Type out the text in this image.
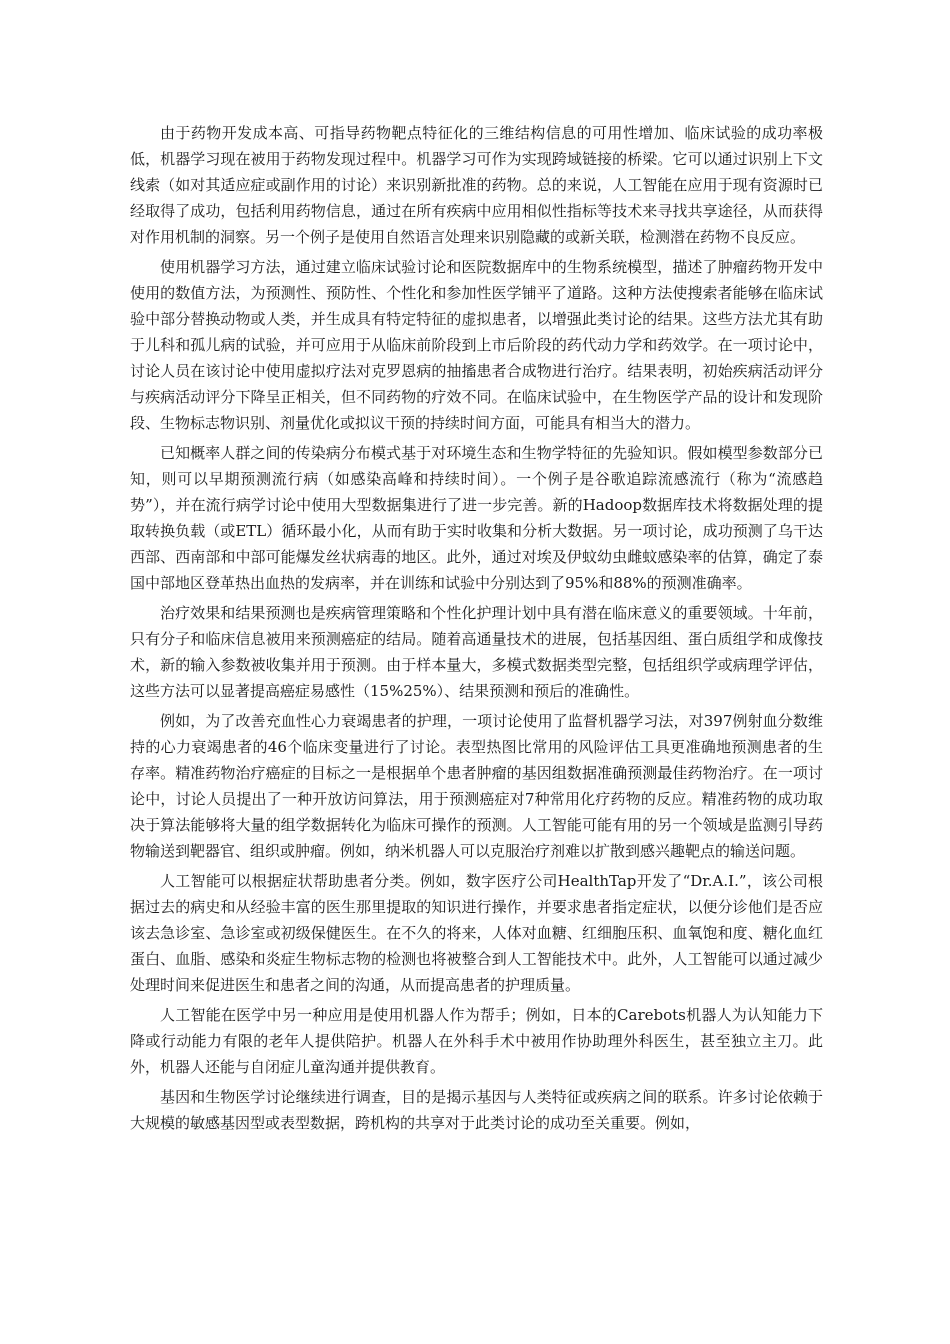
由于药物开发成本高、可指导药物靶点特征化的三维结构信息的可用性增加、临床试验的成功率极低，机器学习现在被用于药物发现过程中。机器学习可作为实现跨域链接的桥梁。它可以通过识别上下文线索（如对其适应症或副作用的讨论）来识别新批准的药物。总的来说，人工智能在应用于现有资源时已经取得了成功，包括利用药物信息，通过在所有疾病中应用相似性指标等技术来寻找共享途径，从而获得对作用机制的洞察。另一个例子是使用自然语言处理来识别隐藏的或新关联，检测潜在药物不良反应。

使用机器学习方法，通过建立临床试验讨论和医院数据库中的生物系统模型，描述了肿瘤药物开发中使用的数值方法，为预测性、预防性、个性化和参加性医学铺平了道路。这种方法使搜索者能够在临床试验中部分替换动物或人类，并生成具有特定特征的虚拟患者，以增强此类讨论的结果。这些方法尤其有助于儿科和孤儿病的试验，并可应用于从临床前阶段到上市后阶段的药代动力学和药效学。在一项讨论中，讨论人员在该讨论中使用虚拟疗法对克罗恩病的抽搐患者合成物进行治疗。结果表明，初始疾病活动评分与疾病活动评分下降呈正相关，但不同药物的疗效不同。在临床试验中，在生物医学产品的设计和发现阶段、生物标志物识别、剂量优化或拟议干预的持续时间方面，可能具有相当大的潜力。

已知概率人群之间的传染病分布模式基于对环境生态和生物学特征的先验知识。假如模型参数部分已知，则可以早期预测流行病（如感染高峰和持续时间）。一个例子是谷歌追踪流感流行（称为“流感趋势”），并在流行病学讨论中使用大型数据集进行了进一步完善。新的Hadoop数据库技术将数据处理的提取转换负载（或ETL）循环最小化，从而有助于实时收集和分析大数据。另一项讨论，成功预测了乌干达西部、西南部和中部可能爆发丝状病毒的地区。此外，通过对埃及伊蚊幼虫雌蚊感染率的估算，确定了泰国中部地区登革热出血热的发病率，并在训练和试验中分别达到了95%和88%的预测准确率。

治疗效果和结果预测也是疾病管理策略和个性化护理计划中具有潜在临床意义的重要领域。十年前，只有分子和临床信息被用来预测癌症的结局。随着高通量技术的进展，包括基因组、蛋白质组学和成像技术，新的输入参数被收集并用于预测。由于样本量大，多模式数据类型完整，包括组织学或病理学评估，这些方法可以显著提高癌症易感性（15%25%）、结果预测和预后的准确性。

例如，为了改善充血性心力衰竭患者的护理，一项讨论使用了监督机器学习法，对397例射血分数维持的心力衰竭患者的46个临床变量进行了讨论。表型热图比常用的风险评估工具更准确地预测患者的生存率。精准药物治疗癌症的目标之一是根据单个患者肿瘤的基因组数据准确预测最佳药物治疗。在一项讨论中，讨论人员提出了一种开放访问算法，用于预测癌症对7种常用化疗药物的反应。精准药物的成功取决于算法能够将大量的组学数据转化为临床可操作的预测。人工智能可能有用的另一个领域是监测引导药物输送到靶器官、组织或肿瘤。例如，纳米机器人可以克服治疗剂难以扩散到感兴趣靶点的输送问题。

人工智能可以根据症状帮助患者分类。例如，数字医疗公司HealthTap开发了“Dr.A.I.”，该公司根据过去的病史和从经验丰富的医生那里提取的知识进行操作，并要求患者指定症状，以便分诊他们是否应该去急诊室、急诊室或初级保健医生。在不久的将来，人体对血糖、红细胞压积、血氧饱和度、糖化血红蛋白、血脂、感染和炎症生物标志物的检测也将被整合到人工智能技术中。此外，人工智能可以通过减少处理时间来促进医生和患者之间的沟通，从而提高患者的护理质量。

人工智能在医学中另一种应用是使用机器人作为帮手；例如，日本的Carebots机器人为认知能力下降或行动能力有限的老年人提供陪护。机器人在外科手术中被用作协助理外科医生，甚至独立主刀。此外，机器人还能与自闭症儿童沟通并提供教育。

基因和生物医学讨论继续进行调查，目的是揭示基因与人类特征或疾病之间的联系。许多讨论依赖于大规模的敏感基因型或表型数据，跨机构的共享对于此类讨论的成功至关重要。例如，
